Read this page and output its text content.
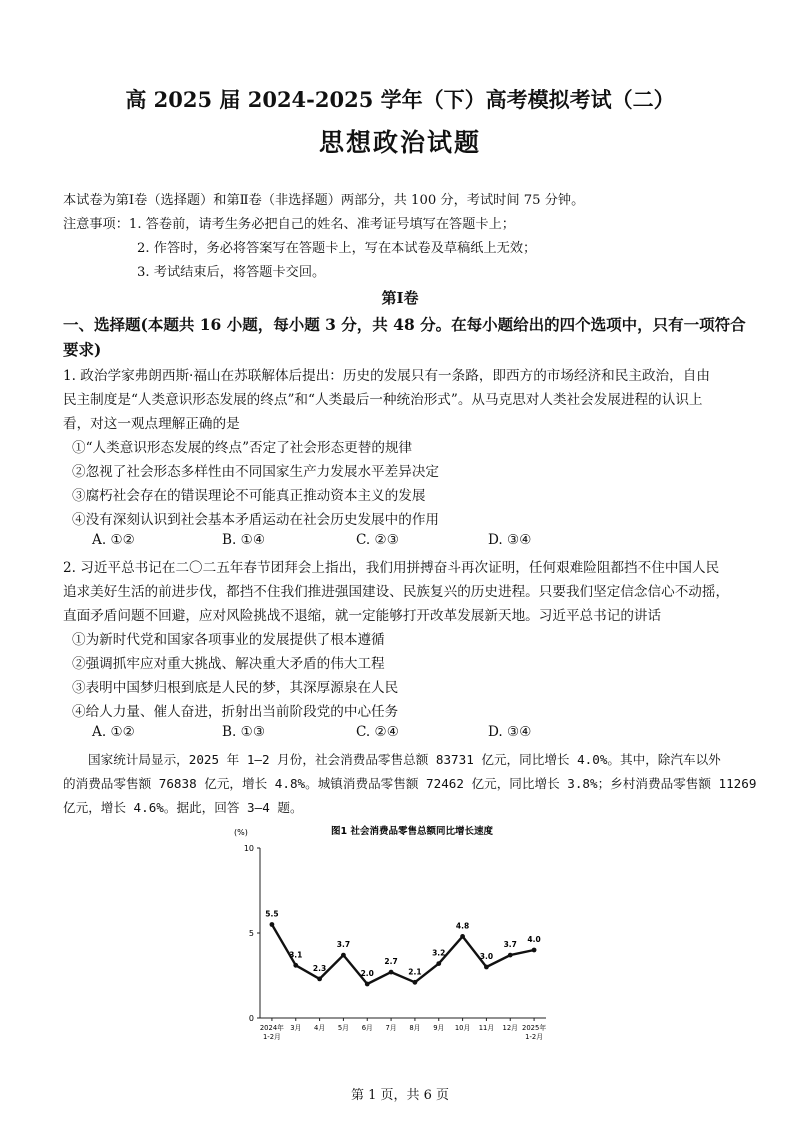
高 2025 届 2024-2025 学年（下）高考模拟考试（二）
思想政治试题
本试卷为第Ⅰ卷（选择题）和第Ⅱ卷（非选择题）两部分，共 100 分，考试时间 75 分钟。
注意事项：1. 答卷前，请考生务必把自己的姓名、准考证号填写在答题卡上；
2. 作答时，务必将答案写在答题卡上，写在本试卷及草稿纸上无效；
3. 考试结束后，将答题卡交回。
第Ⅰ卷
一、选择题(本题共 16 小题，每小题 3 分，共 48 分。在每小题给出的四个选项中，只有一项符合
要求)
1. 政治学家弗朗西斯·福山在苏联解体后提出：历史的发展只有一条路，即西方的市场经济和民主政治，自由
民主制度是“人类意识形态发展的终点”和“人类最后一种统治形式”。从马克思对人类社会发展进程的认识上
看，对这一观点理解正确的是
①“人类意识形态发展的终点”否定了社会形态更替的规律
②忽视了社会形态多样性由不同国家生产力发展水平差异决定
③腐朽社会存在的错误理论不可能真正推动资本主义的发展
④没有深刻认识到社会基本矛盾运动在社会历史发展中的作用
A. ①②	B. ①④	C. ②③	D. ③④
2. 习近平总书记在二〇二五年春节团拜会上指出，我们用拼搏奋斗再次证明，任何艰难险阻都挡不住中国人民
追求美好生活的前进步伐，都挡不住我们推进强国建设、民族复兴的历史进程。只要我们坚定信念信心不动摇，
直面矛盾问题不回避，应对风险挑战不退缩，就一定能够打开改革发展新天地。习近平总书记的讲话
①为新时代党和国家各项事业的发展提供了根本遵循
②强调抓牢应对重大挑战、解决重大矛盾的伟大工程
③表明中国梦归根到底是人民的梦，其深厚源泉在人民
④给人力量、催人奋进，折射出当前阶段党的中心任务
A. ①②	B. ①③	C. ②④	D. ③④
国家统计局显示，2025 年 1—2 月份，社会消费品零售总额 83731 亿元，同比增长 4.0%。其中，除汽车以外
的消费品零售额 76838 亿元，增长 4.8%。城镇消费品零售额 72462 亿元，同比增长 3.8%；乡村消费品零售额 11269
亿元，增长 4.6%。据此，回答 3—4 题。
图1 社会消费品零售总额同比增长速度
(%)
0
5
10
2024年
1-2月
3月 4月 5月 6月 7月 8月 9月 10月 11月 12月 2025年
1-2月
5.5
3.1
2.3
3.7
2.0
2.7
2.1
3.2
4.8
3.0
3.7
4.0
第 1 页，共 6 页
